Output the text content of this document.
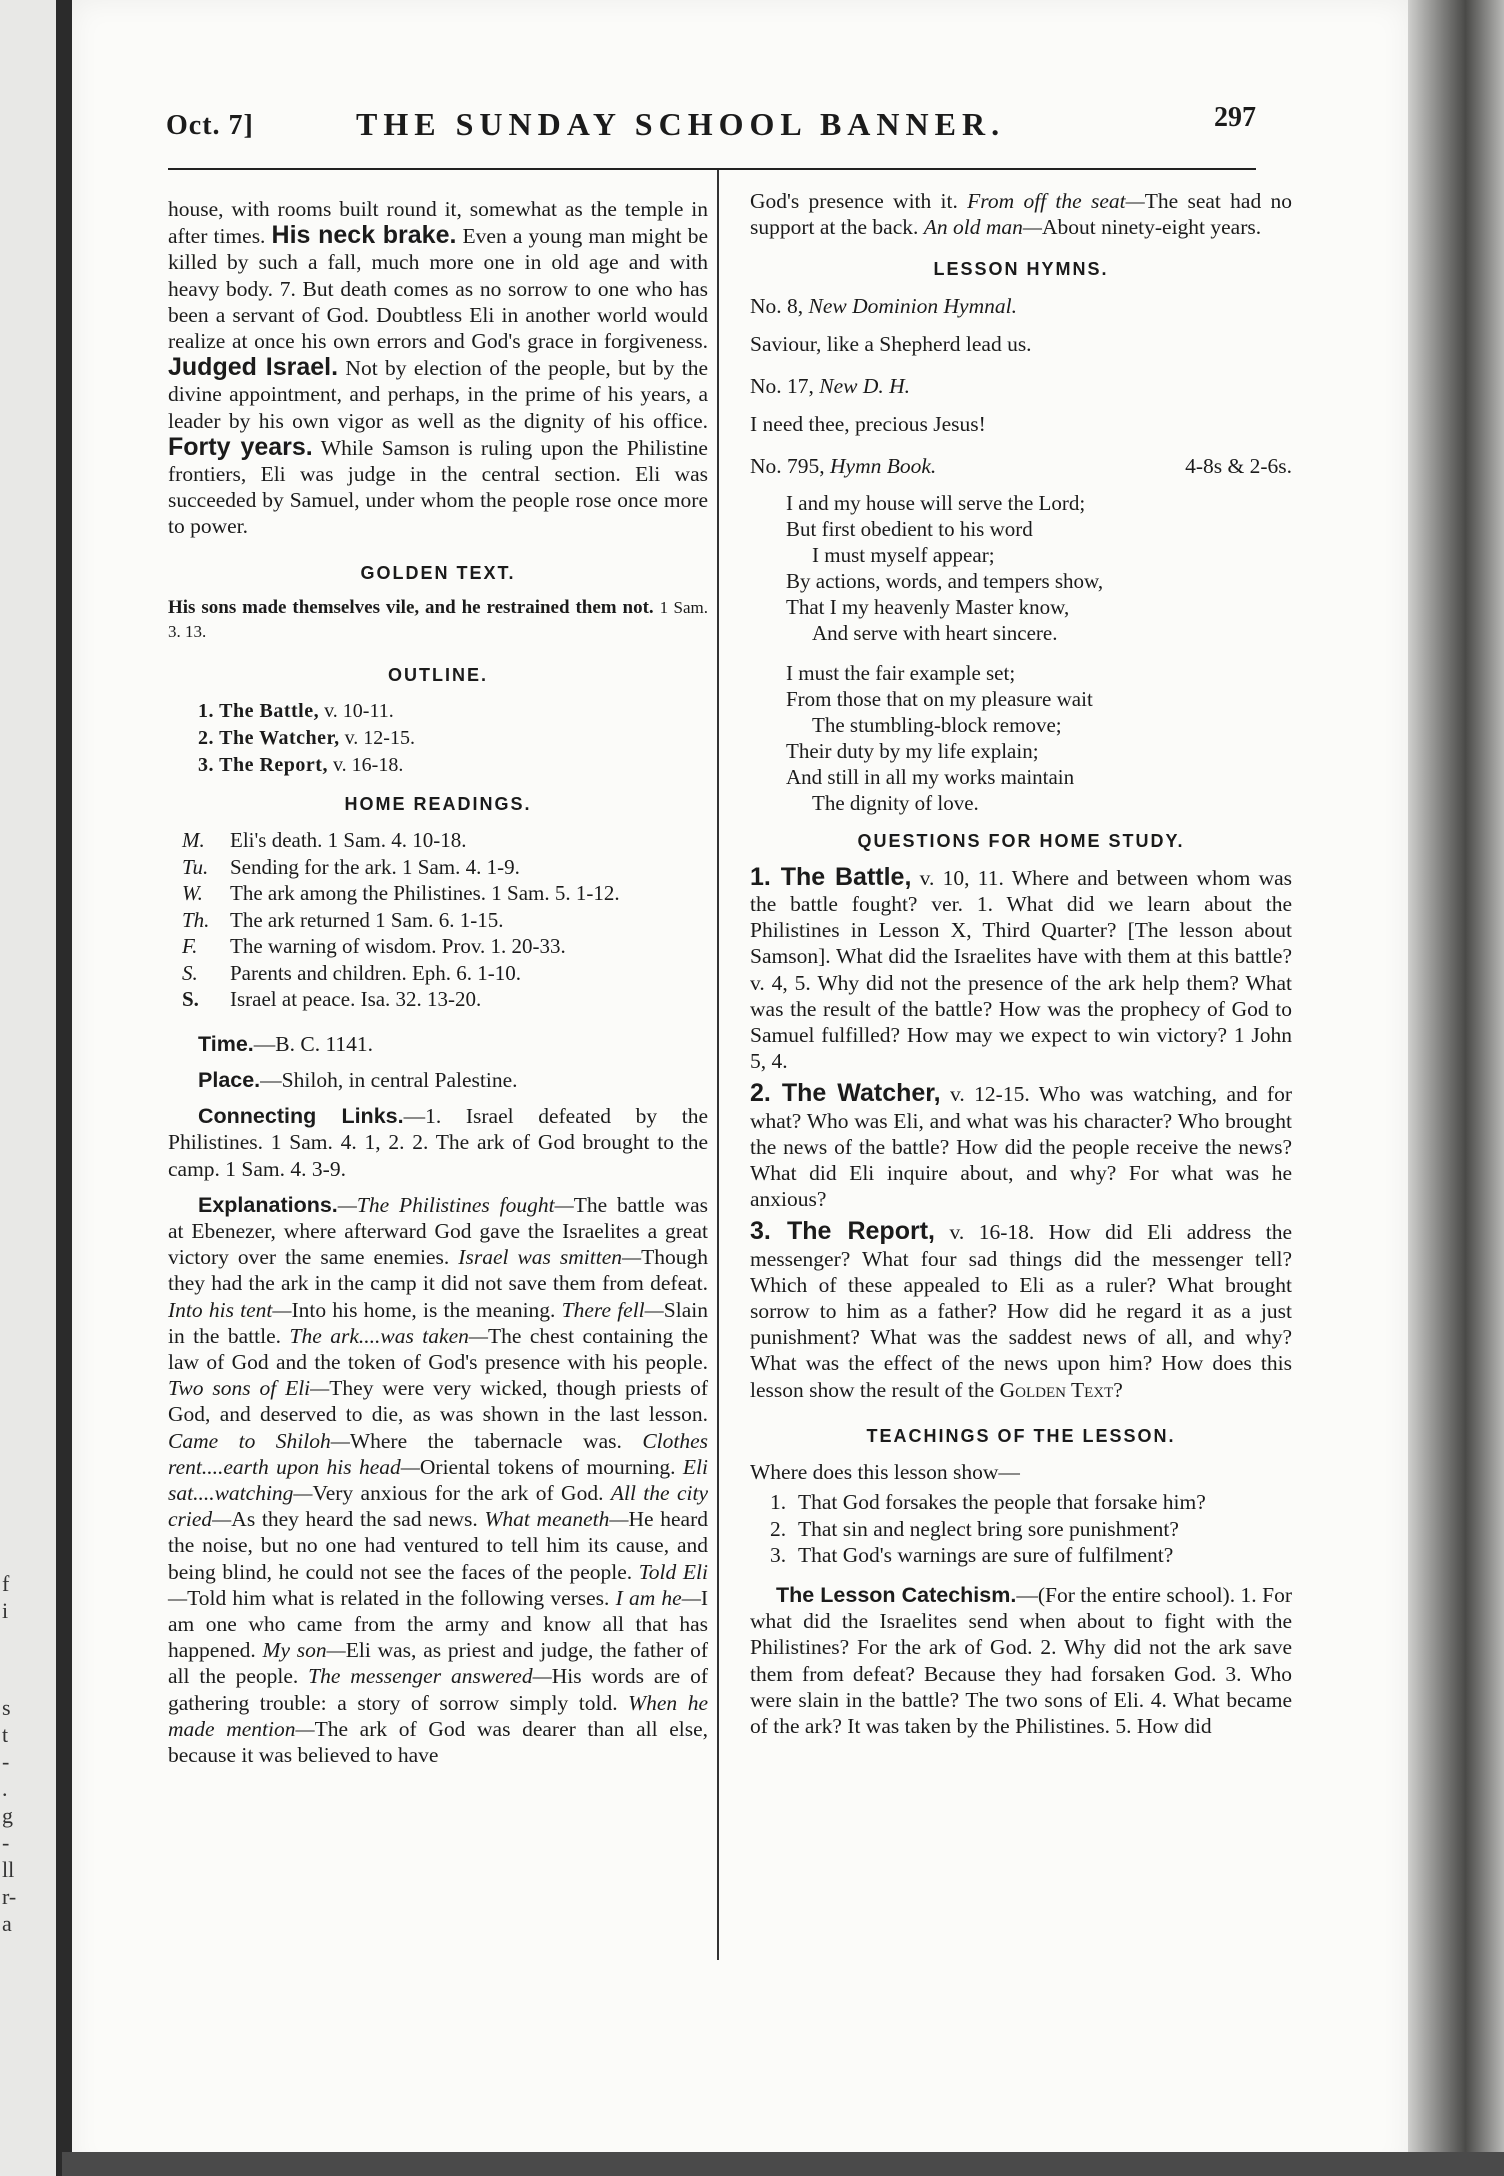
f
i
s
t
-
.
g
-
ll
r-
a
Oct. 7]	THE SUNDAY SCHOOL BANNER.	297

house, with rooms built round it, somewhat as the temple in after times. His neck brake. Even a young man might be killed by such a fall, much more one in old age and with heavy body. 7. But death comes as no sorrow to one who has been a servant of God. Doubtless Eli in another world would realize at once his own errors and God's grace in forgiveness. Judged Israel. Not by election of the people, but by the divine appointment, and perhaps, in the prime of his years, a leader by his own vigor as well as the dignity of his office. Forty years. While Samson is ruling upon the Philistine frontiers, Eli was judge in the central section. Eli was succeeded by Samuel, under whom the people rose once more to power.

GOLDEN TEXT.

His sons made themselves vile, and he restrained them not. 1 Sam. 3. 13.

OUTLINE.
1. The Battle, v. 10-11.
2. The Watcher, v. 12-15.
3. The Report, v. 16-18.
HOME READINGS.
M.	Eli's death. 1 Sam. 4. 10-18.
Tu.	Sending for the ark. 1 Sam. 4. 1-9.
W.	The ark among the Philistines. 1 Sam. 5. 1-12.
Th. The ark returned 1 Sam. 6. 1-15.
F.	The warning of wisdom. Prov. 1. 20-33.
S.	Parents and children. Eph. 6. 1-10.
S.	Israel at peace. Isa. 32. 13-20.

Time.—B. C. 1141.

Place.—Shiloh, in central Palestine.

Connecting Links.—1. Israel defeated by the Philistines. 1 Sam. 4. 1, 2. 2. The ark of God brought to the camp. 1 Sam. 4. 3-9.

Explanations.—The Philistines fought—The battle was at Ebenezer, where afterward God gave the Israelites a great victory over the same enemies. Israel was smitten—Though they had the ark in the camp it did not save them from defeat. Into his tent—Into his home, is the meaning. There fell—Slain in the battle. The ark....was taken—The chest containing the law of God and the token of God's presence with his people. Two sons of Eli—They were very wicked, though priests of God, and deserved to die, as was shown in the last lesson. Came to Shiloh—Where the tabernacle was. Clothes rent....earth upon his head—Oriental tokens of mourning. Eli sat....watching—Very anxious for the ark of God. All the city cried—As they heard the sad news. What meaneth—He heard the noise, but no one had ventured to tell him its cause, and being blind, he could not see the faces of the people. Told Eli—Told him what is related in the following verses. I am he—I am one who came from the army and know all that has happened. My son—Eli was, as priest and judge, the father of all the people. The messenger answered—His words are of gathering trouble: a story of sorrow simply told. When he made mention—The ark of God was dearer than all else, because it was believed to have

God's presence with it. From off the seat—The seat had no support at the back. An old man—About ninety-eight years.

LESSON HYMNS.

No. 8, New Dominion Hymnal.

Saviour, like a Shepherd lead us.

No. 17, New D. H.

I need thee, precious Jesus!

No. 795, Hymn Book.	4-8s & 2-6s.

I and my house will serve the Lord;
But first obedient to his word
I must myself appear;
By actions, words, and tempers show,
That I my heavenly Master know,
And serve with heart sincere.
I must the fair example set;
From those that on my pleasure wait
The stumbling-block remove;
Their duty by my life explain;
And still in all my works maintain
The dignity of love.
QUESTIONS FOR HOME STUDY.

1. The Battle, v. 10, 11. Where and between whom was the battle fought? ver. 1. What did we learn about the Philistines in Lesson X, Third Quarter? [The lesson about Samson]. What did the Israelites have with them at this battle? v. 4, 5. Why did not the presence of the ark help them? What was the result of the battle? How was the prophecy of God to Samuel fulfilled? How may we expect to win victory? 1 John 5, 4.

2. The Watcher, v. 12-15. Who was watching, and for what? Who was Eli, and what was his character? Who brought the news of the battle? How did the people receive the news? What did Eli inquire about, and why? For what was he anxious?

3. The Report, v. 16-18. How did Eli address the messenger? What four sad things did the messenger tell? Which of these appealed to Eli as a ruler? What brought sorrow to him as a father? How did he regard it as a just punishment? What was the saddest news of all, and why? What was the effect of the news upon him? How does this lesson show the result of the Golden Text?

TEACHINGS OF THE LESSON.

Where does this lesson show—

1. That God forsakes the people that forsake him?
2. That sin and neglect bring sore punishment?
3. That God's warnings are sure of fulfilment?

The Lesson Catechism.—(For the entire school). 1. For what did the Israelites send when about to fight with the Philistines? For the ark of God. 2. Why did not the ark save them from defeat? Because they had forsaken God. 3. Who were slain in the battle? The two sons of Eli. 4. What became of the ark? It was taken by the Philistines. 5. How did
